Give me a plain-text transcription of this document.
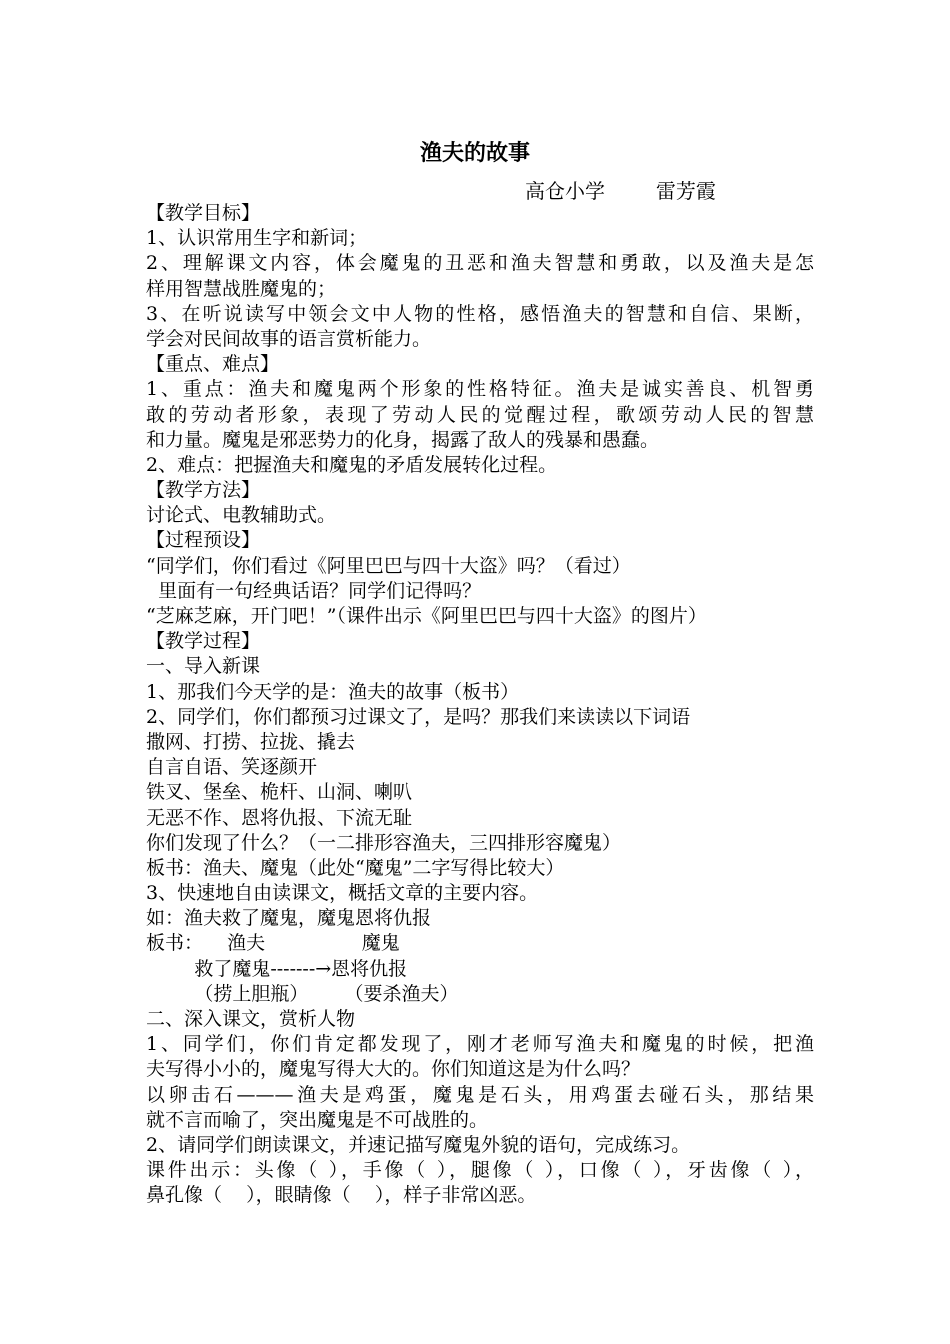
渔夫的故事
高仓小学        雷芳霞
【教学目标】
1、认识常用生字和新词；
2、理解课文内容，体会魔鬼的丑恶和渔夫智慧和勇敢，以及渔夫是怎
样用智慧战胜魔鬼的；
3、在听说读写中领会文中人物的性格，感悟渔夫的智慧和自信、果断，
学会对民间故事的语言赏析能力。
【重点、难点】
1、重点：渔夫和魔鬼两个形象的性格特征。渔夫是诚实善良、机智勇
敢的劳动者形象，表现了劳动人民的觉醒过程，歌颂劳动人民的智慧
和力量。魔鬼是邪恶势力的化身，揭露了敌人的残暴和愚蠢。
2、难点：把握渔夫和魔鬼的矛盾发展转化过程。
【教学方法】
讨论式、电教辅助式。
【过程预设】
“同学们，你们看过《阿里巴巴与四十大盗》吗？（看过）
里面有一句经典话语？同学们记得吗？
“芝麻芝麻，开门吧！”（课件出示《阿里巴巴与四十大盗》的图片）
【教学过程】
一、导入新课
1、那我们今天学的是：渔夫的故事（板书）
2、同学们，你们都预习过课文了，是吗？那我们来读读以下词语
撒网、打捞、拉拢、撬去
自言自语、笑逐颜开
铁叉、堡垒、桅杆、山洞、喇叭
无恶不作、恩将仇报、下流无耻
你们发现了什么？（一二排形容渔夫，三四排形容魔鬼）
板书：渔夫、魔鬼（此处“魔鬼”二字写得比较大）
3、快速地自由读课文，概括文章的主要内容。
如：渔夫救了魔鬼，魔鬼恩将仇报
板书：    渔夫                魔鬼
救了魔鬼-------→恩将仇报
（捞上胆瓶）      （要杀渔夫）
二、深入课文，赏析人物
1、同学们，你们肯定都发现了，刚才老师写渔夫和魔鬼的时候，把渔
夫写得小小的，魔鬼写得大大的。你们知道这是为什么吗？
以卵击石———渔夫是鸡蛋，魔鬼是石头，用鸡蛋去碰石头，那结果
就不言而喻了，突出魔鬼是不可战胜的。
2、请同学们朗读课文，并速记描写魔鬼外貌的语句，完成练习。
课件出示：头像（ ），手像（ ），腿像（ ），口像（ ），牙齿像（ ），
鼻孔像（    ），眼睛像（    ），样子非常凶恶。
